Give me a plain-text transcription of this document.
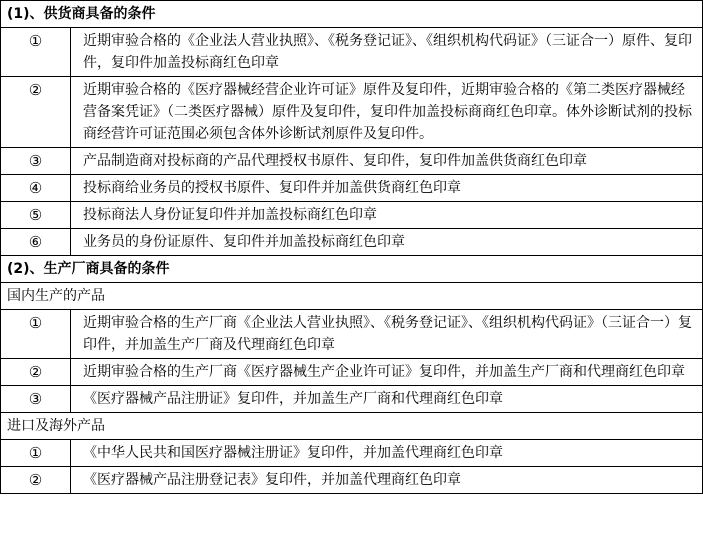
(1)、供货商具备的条件	
①	近期审验合格的《企业法人营业执照》、《税务登记证》、《组织机构代码证》（三证合一）原件、复印件，复印件加盖投标商红色印章
②	近期审验合格的《医疗器械经营企业许可证》原件及复印件，近期审验合格的《第二类医疗器械经营备案凭证》（二类医疗器械）原件及复印件，复印件加盖投标商商红色印章。体外诊断试剂的投标商经营许可证范围必须包含体外诊断试剂原件及复印件。
③	产品制造商对投标商的产品代理授权书原件、复印件，复印件加盖供货商红色印章
④	投标商给业务员的授权书原件、复印件并加盖供货商红色印章
⑤	投标商法人身份证复印件并加盖投标商红色印章
⑥	业务员的身份证原件、复印件并加盖投标商红色印章
(2)、生产厂商具备的条件	
国内生产的产品	
①	近期审验合格的生产厂商《企业法人营业执照》、《税务登记证》、《组织机构代码证》（三证合一）复印件，并加盖生产厂商及代理商红色印章
②	近期审验合格的生产厂商《医疗器械生产企业许可证》复印件，并加盖生产厂商和代理商红色印章
③	《医疗器械产品注册证》复印件，并加盖生产厂商和代理商红色印章
进口及海外产品	
①	《中华人民共和国医疗器械注册证》复印件，并加盖代理商红色印章
②	《医疗器械产品注册登记表》复印件，并加盖代理商红色印章
